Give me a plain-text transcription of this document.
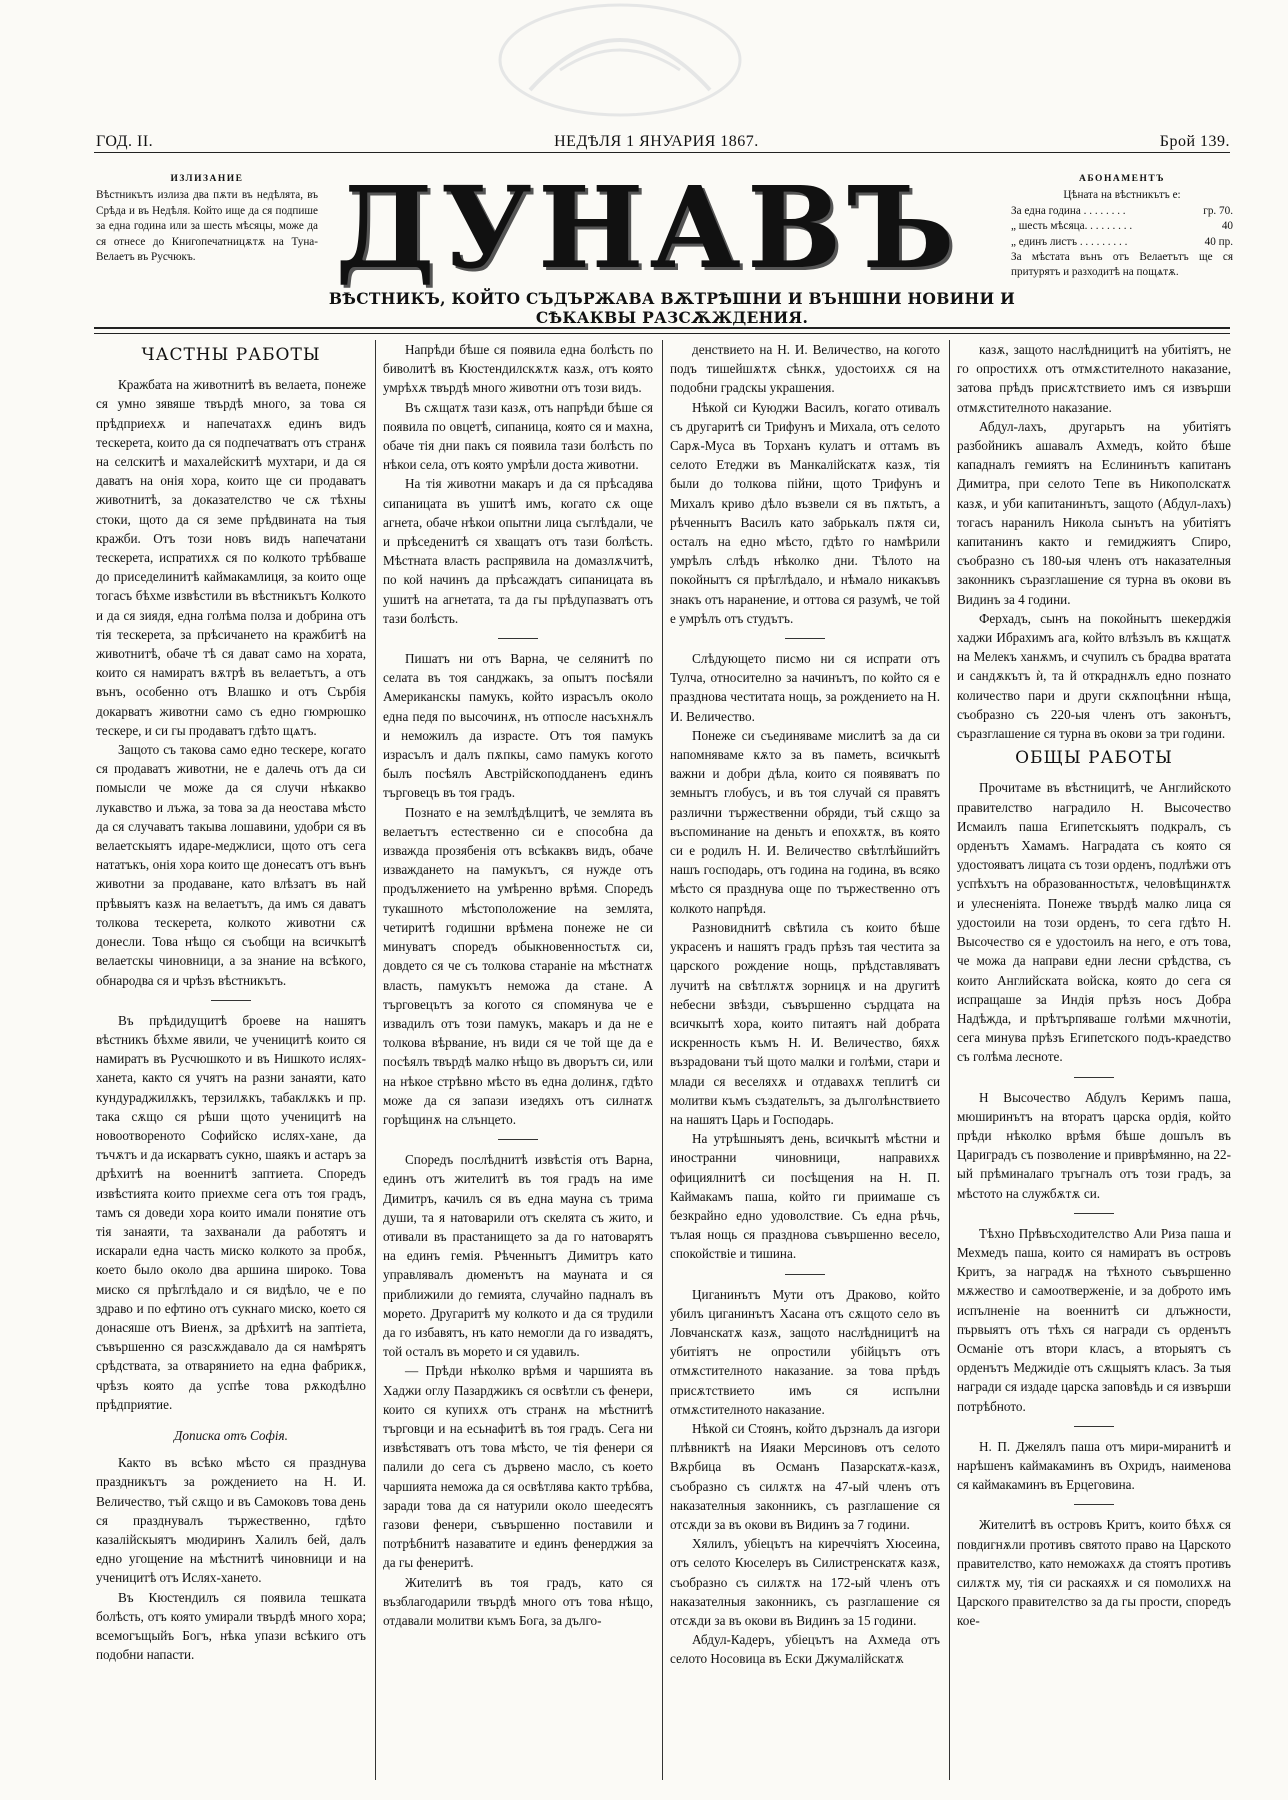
ГОД. II.	НЕДѢЛЯ 1 ЯНУАРИЯ 1867.	Брой 139.
ИЗЛИЗАНИЕ
Вѣстникътъ излиза два пѫти въ недѣлята, въ Срѣда и въ Недѣля. Който ище да ся подпише за една година или за шесть мѣсяцы, може да ся отнесе до Книгопечатницѫтѫ на Туна-Велаетъ въ Русчюкъ.	ДУНАВЪ
ВѢСТНИКЪ, КОЙТО СЪДЪРЖАВА ВѪТРѢШНИ И ВЪНШНИ НОВИНИ И СѢКАКВЫ РАЗСѪЖДЕНИЯ.
АБОНАМЕНТЪ
Цѣната на вѣстникътъ е:
За една година . . . . . . . .	гр. 70.
„ шесть мѣсяца. . . . . . . . .	40
„ единъ листъ . . . . . . . . .	40 пр.
За мѣстата вънъ отъ Велаетътъ ще ся притурятъ и разходитѣ на пощѧтѫ.

ЧАСТНЫ РАБОТЫ

Кражбата на животнитѣ въ велаета, понеже ся умно зявяше твърдѣ много, за това ся прѣдприехѫ и напечатахѫ единъ видъ тескерета, които да ся подпечатватъ отъ странѫ на селскитѣ и махалейскитѣ мухтари, и да ся даватъ на онія хора, които ще си продаватъ животнитѣ, за доказателство че сѫ тѣхны стоки, щото да ся земе прѣдвината на тыя кражби. Отъ този новъ видъ напечатани тескерета, испратихѫ ся по колкото трѣбваше до приседелинитѣ каймакамлиця, за които още тогасъ бѣхме извѣстили въ вѣстникътъ Колкото и да ся зиядя, една голѣма полза и добрина отъ тія тескерета, за прѣсичането на кражбитѣ на животнитѣ, обаче тѣ ся дават само на хората, които ся намиратъ вѫтрѣ въ велаетътъ, а отъ вънъ, особенно отъ Влашко и отъ Сърбія докарватъ животни само съ едно гюмрюшко тескере, и си гы продаватъ гдѣто щѧтъ.

Защото съ такова само едно тескере, когато ся продаватъ животни, не е далечь отъ да си помысли че може да ся случи нѣкакво лукавство и лъжа, за това за да неостава мѣсто да ся случаватъ такыва лошавини, удобри ся въ велаетскыятъ идаре-меджлиси, щото отъ сега нататъкъ, онія хора които ще донесатъ отъ вънъ животни за продаване, като влѣзатъ въ най прѣвыятъ казѫ на велаетътъ, да имъ ся даватъ толкова тескерета, колкото животни сѫ донесли. Това нѣщо ся съобщи на всичкытѣ велаетскы чиновници, а за знание на всѣкого, обнародва ся и чрѣзъ вѣстникътъ.

Въ прѣдидущитѣ броеве на нашятъ вѣстникъ бѣхме явили, че ученицитѣ които ся намиратъ въ Русчюшкото и въ Нишкото ислях-ханета, както ся учятъ на разни занаяти, като кундураджилѫкъ, терзилѫкъ, табаклѫкъ и пр. така сѫщо ся рѣши щото ученицитѣ на новоотвореното Софийско ислях-хане, да тъчѫтъ и да искарватъ сукно, шаякъ и астаръ за дрѣхитѣ на военнитѣ заптиета. Споредъ извѣстията които приехме сега отъ тоя градъ, тамъ ся доведи хора които имали понятие отъ тія занаяти, та захванали да работятъ и искарали една часть миско колкото за пробѫ, което было около два аршина широко. Това миско ся прѣглѣдало и ся видѣло, че е по здраво и по ефтино отъ сукнаго миско, което ся донасяше отъ Виенѫ, за дрѣхитѣ на заптіета, съвършенно ся разсѫждавало да ся намѣрятъ срѣдствата, за отварянието на една фабрикѫ, чрѣзъ която да успѣе това рѫкодѣлно прѣдприятие.

Дописка отъ Софія.

Както въ всѣко мѣсто ся празднува праздникътъ за рождението на Н. И. Величество, тъй сѫщо и въ Самоковъ това день ся празднувалъ тържественно, гдѣто казалійскыятъ мюдиринъ Халилъ бей, далъ едно угощение на мѣстнитѣ чиновници и на ученицитѣ отъ Ислях-хането.

Въ Кюстендилъ ся появила тешката болѣсть, отъ която умирали твърдѣ много хора; всемогъщыйъ Богъ, нѣка упази всѣкиго отъ подобни напасти.

Напрѣди бѣше ся появила една болѣсть по биволитѣ въ Кюстендилскѫтѫ казѫ, отъ която умрѣхѫ твърдѣ много животни отъ този видъ.

Въ сѫщатѫ тази казѫ, отъ напрѣди бѣше ся появила по овцетѣ, сипаница, която ся и махна, обаче тія дни пакъ ся появила тази болѣсть по нѣкои села, отъ която умрѣли доста животни.

На тія животни макаръ и да ся прѣсадява сипаницата въ ушитѣ имъ, когато сѫ още агнета, обаче нѣкои опытни лица съглѣдали, че и прѣседенитѣ ся хващатъ отъ тази болѣсть. Мѣстната власть распрявила на домазлѫчитѣ, по кой начинъ да прѣсаждатъ сипаницата въ ушитѣ на агнетата, та да гы прѣдупазватъ отъ тази болѣсть.

Пишатъ ни отъ Варна, че селянитѣ по селата въ тоя санджакъ, за опытъ посѣяли Американскы памукъ, който израсълъ около една педя по высочинѫ, нъ отпосле насъхнѫлъ и неможилъ да израсте. Отъ тоя памукъ израсълъ и далъ пѫпкы, само памукъ когото былъ посѣялъ Австрійскоподданенъ единъ търговецъ въ тоя градъ.

Познато е на землѣдѣлцитѣ, че землята въ велаетътъ естественно си е способна да изважда прозябенія отъ всѣкаквъ видъ, обаче изваждането на памукътъ, ся нужде отъ продължението на умѣренно врѣмя. Споредъ тукашното мѣстоположение на землята, четиритѣ годишни врѣмена понеже не си минуватъ споредъ обыкновенностьтѫ си, довдето ся че съ толкова стараніе на мѣстнатѫ власть, памукътъ неможа да стане. А търговецътъ за когото ся спомянува че е извадилъ отъ този памукъ, макаръ и да не е толкова вѣрвание, нъ види ся че той ще да е посѣялъ твърдѣ малко нѣщо въ дворътъ си, или на нѣкое стрѣвно мѣсто въ една долинѫ, гдѣто може да ся запази изедяхъ отъ силнатѫ горѣщинѫ на слънцето.

Споредъ послѣднитѣ извѣстія отъ Варна, единъ отъ жителитѣ въ тоя градъ на име Димитръ, качилъ ся въ една мауна съ трима души, та я натоварили отъ скелята съ жито, и отивали въ прастанището за да го натоварятъ на единъ гемія. Рѣченнытъ Димитръ като управлявалъ дюменътъ на мауната и ся приближили до гемията, случайно падналъ въ морето. Другаритѣ му колкото и да ся трудили да го избавятъ, нъ като немогли да го извадятъ, той осталъ въ морето и ся удавилъ.

— Прѣди нѣколко врѣмя и чаршията въ Хаджи оглу Пазарджикъ ся освѣтли съ фенери, които ся купихѫ отъ странѫ на мѣстнитѣ търговци и на есьнафитѣ въ тоя градъ. Сега ни извѣстяватъ отъ това мѣсто, че тія фенери ся палили до сега съ дървено масло, съ което чаршията неможа да ся освѣтлява както трѣбва, заради това да ся натурили около шеедесятъ газови фенери, съвършенно поставили и потрѣбнитѣ назаватите и единъ фенерджия за да гы фенеритѣ.

Жителитѣ въ тоя градъ, като ся възблагодарили твърдѣ много отъ това нѣщо, отдавали молитви къмъ Бога, за дълго-

денствието на Н. И. Величество, на когото подъ тишейшѫтѫ сѣнкѫ, удостоихѫ ся на подобни градскы украшения.

Нѣкой си Куюджи Василъ, когато отивалъ съ другаритѣ си Трифунъ и Михала, отъ селото Сарѫ-Муса въ Торханъ кулатъ и оттамъ въ селото Етеджи въ Манкалійскатѫ казѫ, тія были до толкова пійни, щото Трифунъ и Михалъ криво дѣло възвели ся въ пѫтьтъ, а рѣченнытъ Василъ като забрькалъ пѫтя си, осталъ на едно мѣсто, гдѣто го намѣрили умрѣлъ слѣдъ нѣколко дни. Тѣлото на покойнытъ ся прѣглѣдало, и нѣмало никакъвъ знакъ отъ наранение, и оттова ся разумѣ, че той е умрѣлъ отъ студътъ.

Слѣдующето писмо ни ся испрати отъ Тулча, относително за начинътъ, по който ся е празднова честитата нощь, за рождението на Н. И. Величество.

Понеже си съединяваме мислитѣ за да си напомняваме кѫто за въ паметь, всичкытѣ важни и добри дѣла, които ся появяватъ по земнытъ глобусъ, и въ тоя случай ся правятъ различни тържественни обряди, тъй сѫщо за въспоминание на деньтъ и епохѫтѫ, въ която си е родилъ Н. И. Величество свѣтлѣйшийтъ нашъ господарь, отъ година на година, въ всяко мѣсто ся празднува още по тържественно отъ колкото напрѣдя.

Разновиднитѣ свѣтила съ които бѣше украсенъ и нашятъ градъ прѣзъ тая честита за царского рождение нощь, прѣдставляватъ лучитѣ на свѣтлѫтѫ зорницѫ и на другитѣ небесни звѣзди, съвършенно сърдцата на всичкытѣ хора, които питаятъ най добрата искренность къмъ Н. И. Величество, бяхѫ възрадовани тъй щото малки и голѣми, стари и млади ся веселяхѫ и отдавахѫ теплитѣ си молитви къмъ създательтъ, за дълголѣнствието на нашятъ Царь и Господарь.

На утрѣшныятъ день, всичкытѣ мѣстни и иностранни чиновници, направихѫ официялнитѣ си посѣщения на Н. П. Каймакамъ паша, който ги приимаше съ безкрайно едно удоволствие. Съ една рѣчь, тълая нощь ся празднова съвършенно весело, спокойствіе и тишина.

Циганинътъ Мути отъ Драково, който убилъ циганинътъ Хасана отъ сѫщото село въ Ловчанскатѫ казѫ, защото наслѣдницитѣ на убитіятъ не опростили убійцътъ отъ отмѫстителното наказание. за това прѣдъ присѫтствието имъ ся испълни отмѫстителното наказание.

Нѣкой си Стоянъ, който дързналъ да изгори плѣвниктѣ на Ияаки Мерсиновъ отъ селото Вѫрбица въ Османъ Пазарскатѫ-казѫ, съобразно съ силѫтѫ на 47-ый членъ отъ наказателныя законникъ, съ разглашение ся отсѫди за въ окови въ Видинъ за 7 години.

Хялилъ, убіецътъ на киреччіятъ Хюсеина, отъ селото Кюселеръ въ Силистренскатѫ казѫ, съобразно съ силѫтѫ на 172-ый членъ отъ наказателныя законникъ, съ разглашение ся отсѫди за въ окови въ Видинъ за 15 години.

Абдул-Кадеръ, убіецътъ на Ахмеда отъ селото Носовица въ Ески Джумалійскатѫ

казѫ, защото наслѣдницитѣ на убитіятъ, не го опростихѫ отъ отмѫстителното наказание, затова прѣдъ присѫтствието имъ ся извърши отмѫстителното наказание.

Абдул-лахъ, другарьтъ на убитіятъ разбойникъ ашавалъ Ахмедъ, който бѣше кападналъ гемиятъ на Еслининътъ капитанъ Димитра, при селото Тепе въ Никополскатѫ казѫ, и уби капитанинътъ, защото (Абдул-лахъ) тогасъ наранилъ Никола сынътъ на убитіятъ капитанинъ както и гемиджиятъ Спиро, съобразно съ 180-ыя членъ отъ наказателныя законникъ съразглашение ся турна въ окови въ Видинъ за 4 години.

Ферхадъ, сынъ на покойнытъ шекерджія хаджи Ибрахимъ ага, който влѣзълъ въ кѫщатѫ на Мелекъ ханѫмъ, и счупилъ съ брадва вратата и сандѫкътъ ѝ, та й откраднѫлъ едно познато количество пари и други скѫпоцѣнни нѣща, съобразно съ 220-ыя членъ отъ законътъ, съразглашение ся турна въ окови за три години.

ОБЩЫ РАБОТЫ

Прочитаме въ вѣстницитѣ, че Английското правителство наградило Н. Высочество Исмаилъ паша Египетскыятъ подкралъ, съ орденътъ Хамамъ. Наградата съ която ся удостояватъ лицата съ този орденъ, подлѣжи отъ успѣхътъ на образованностьтѫ, человѣщинѫтѫ и улесненіята. Понеже твърдѣ малко лица ся удостоили на този орденъ, то сега гдѣто Н. Высочество ся е удостоилъ на него, е отъ това, че можа да направи едни лесни срѣдства, съ които Английската войска, която до сега ся испращаше за Индія прѣзъ носъ Добра Надѣжда, и прѣтърпяваше голѣми мѫчнотіи, сега минува прѣзъ Египетского подъ-краедство съ голѣма лесноте.

Н Высочество Абдулъ Керимъ паша, мюширинътъ на вторатъ царска ордія, който прѣди нѣколко врѣмя бѣше дошълъ въ Цариградъ съ позволение и приврѣмянно, на 22-ый прѣминалаго тръгналъ отъ този градъ, за мѣстото на службѫтѫ си.

Тѣхно Прѣвъсходителство Али Риза паша и Мехмедъ паша, които ся намиратъ въ островъ Критъ, за наградѫ на тѣхното съвършенно мѫжество и самоотверженіе, и за доброто имъ испълненіе на военнитѣ си длъжности, първыятъ отъ тѣхъ ся награди съ орденътъ Османіе отъ втори класъ, а вторыятъ съ орденътъ Меджидіе отъ сѫщыятъ класъ. За тыя награди ся издаде царска заповѣдь и ся извърши потрѣбното.

Н. П. Джелялъ паша отъ мири-миранитѣ и нарѣшенъ каймакаминъ въ Охридъ, наименова ся каймакаминъ въ Ерцеговина.

Жителитѣ въ островъ Критъ, които бѣхѫ ся повдигнѫли противъ святото право на Царското правителство, като неможахѫ да стоятъ противъ силѫтѫ му, тія си раскаяхѫ и ся помолихѫ на Царского правителство за да гы прости, споредъ кое-
